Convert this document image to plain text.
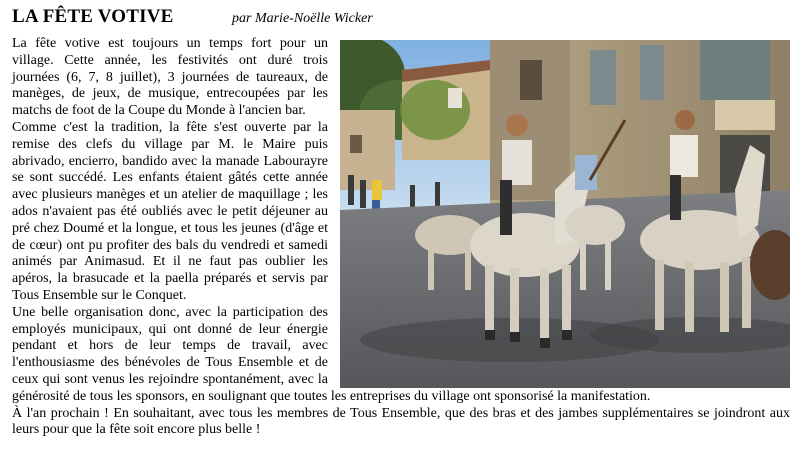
LA FÊTE VOTIVE	par Marie-Noëlle Wicker

La fête votive est toujours un temps fort pour un village. Cette année, les festivités ont duré trois journées (6, 7, 8 juillet), 3 journées de taureaux, de manèges, de jeux, de musique, entrecoupées par les matchs de foot de la Coupe du Monde à l'ancien bar.

Comme c'est la tradition, la fête s'est ouverte par la remise des clefs du village par M. le Maire puis abrivado, encierro, bandido avec la manade Labourayre se sont succédé. Les enfants étaient gâtés cette année avec plusieurs manèges et un atelier de maquillage ; les ados n'avaient pas été oubliés avec le petit déjeuner au pré chez Doumé et la longue, et tous les jeunes (d'âge et de cœur) ont pu profiter des bals du vendredi et samedi animés par Animasud. Et il ne faut pas oublier les apéros, la brasucade et la paella préparés et servis par Tous Ensemble sur le Conquet.

Une belle organisation donc, avec la participation des employés municipaux, qui ont donné de leur énergie pendant et hors de leur temps de travail, avec l'enthousiasme des bénévoles de Tous Ensemble et de ceux qui sont venus les rejoindre spontanément, avec la générosité de tous les sponsors, en soulignant que toutes les entreprises du village ont sponsorisé la manifestation.

À l'an prochain ! En souhaitant, avec tous les membres de Tous Ensemble, que des bras et des jambes supplémentaires se joindront aux leurs pour que la fête soit encore plus belle !
